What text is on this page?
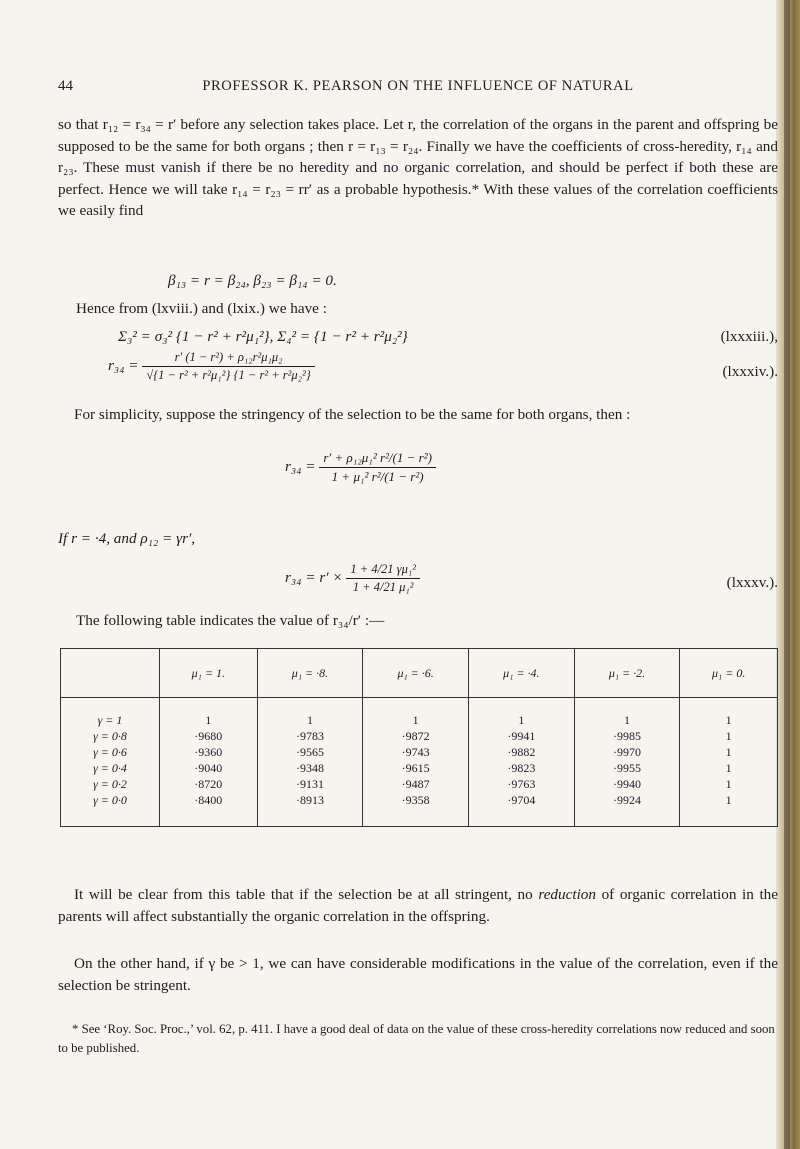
44	PROFESSOR K. PEARSON ON THE INFLUENCE OF NATURAL

so that r₁₂ = r₃₄ = r′ before any selection takes place. Let r, the correlation of the organs in the parent and offspring be supposed to be the same for both organs ; then r = r₁₃ = r₂₄. Finally we have the coefficients of cross-heredity, r₁₄ and r₂₃. These must vanish if there be no heredity and no organic correlation, and should be perfect if both these are perfect. Hence we will take r₁₄ = r₂₃ = rr′ as a probable hypothesis.* With these values of the correlation coefficients we easily find

β₁₃ = r = β₂₄, β₂₃ = β₁₄ = 0.
Hence from (lxviii.) and (lxix.) we have :
Σ₃² = σ₃² {1 − r² + r²μ₁²}, Σ₄² = {1 − r² + r²μ₂²}	(lxxxiii.),
$r_{34} = \frac{\text{r′ (1 − r²) + ρ₁₂r²μ₁μ₂}}{\text{√\{1 − r² + r²μ₁²\} \{1 − r² + r²μ₂²\}}}$	(lxxxiv.).

For simplicity, suppose the stringency of the selection to be the same for both organs, then :

$r_{34} = \frac{\text{r′ + ρ₁₂μ₁² r²/(1 − r²)}}{\text{1 + μ₁² r²/(1 − r²)}}$
If r = ·4, and ρ₁₂ = γr′,
$r_{34} = r' \times \frac{\text{1 + 4/21 γμ₁²}}{\text{1 + 4/21 μ₁²}}$	(lxxxv.).
The following table indicates the value of r₃₄/r′ :—
	μ₁ = 1.	μ₁ = ·8.	μ₁ = ·6.	μ₁ = ·4.	μ₁ = ·2.	μ₁ = 0.
γ = 1	1	1	1	1	1	1
γ = 0·8	·9680	·9783	·9872	·9941	·9985	1
γ = 0·6	·9360	·9565	·9743	·9882	·9970	1
γ = 0·4	·9040	·9348	·9615	·9823	·9955	1
γ = 0·2	·8720	·9131	·9487	·9763	·9940	1
γ = 0·0	·8400	·8913	·9358	·9704	·9924	1

It will be clear from this table that if the selection be at all stringent, no reduction of organic correlation in the parents will affect substantially the organic correlation in the offspring.

On the other hand, if γ be > 1, we can have considerable modifications in the value of the correlation, even if the selection be stringent.

* See ‘Roy. Soc. Proc.,’ vol. 62, p. 411. I have a good deal of data on the value of these cross-heredity correlations now reduced and soon to be published.
